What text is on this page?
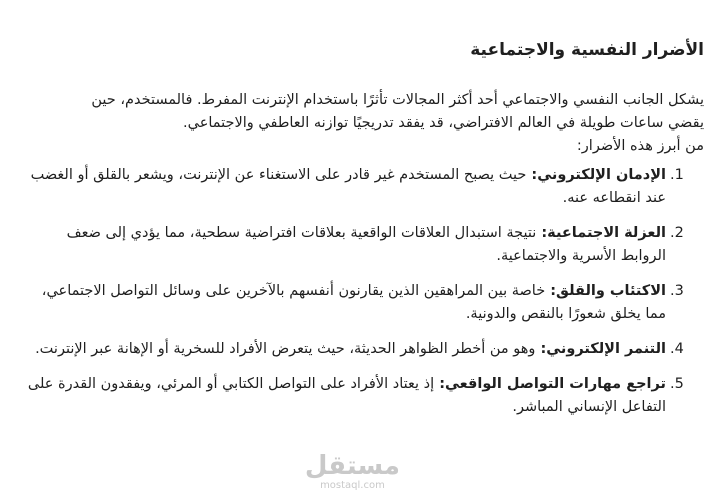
الأضرار النفسية والاجتماعية

يشكل الجانب النفسي والاجتماعي أحد أكثر المجالات تأثرًا باستخدام الإنترنت المفرط. فالمستخدم، حين
يقضي ساعات طويلة في العالم الافتراضي، قد يفقد تدريجيًا توازنه العاطفي والاجتماعي.
من أبرز هذه الأضرار:

1.
الإدمان الإلكتروني: حيث يصبح المستخدم غير قادر على الاستغناء عن الإنترنت، ويشعر بالقلق أو الغضب عند انقطاعه عنه.
2.
العزلة الاجتماعية: نتيجة استبدال العلاقات الواقعية بعلاقات افتراضية سطحية، مما يؤدي إلى ضعف الروابط الأسرية والاجتماعية.
3.
الاكتئاب والقلق: خاصة بين المراهقين الذين يقارنون أنفسهم بالآخرين على وسائل التواصل الاجتماعي، مما يخلق شعورًا بالنقص والدونية.
4.
التنمر الإلكتروني: وهو من أخطر الظواهر الحديثة، حيث يتعرض الأفراد للسخرية أو الإهانة عبر الإنترنت.
5.
تراجع مهارات التواصل الواقعي: إذ يعتاد الأفراد على التواصل الكتابي أو المرئي، ويفقدون القدرة على التفاعل الإنساني المباشر.
مستقل
mostaql.com
